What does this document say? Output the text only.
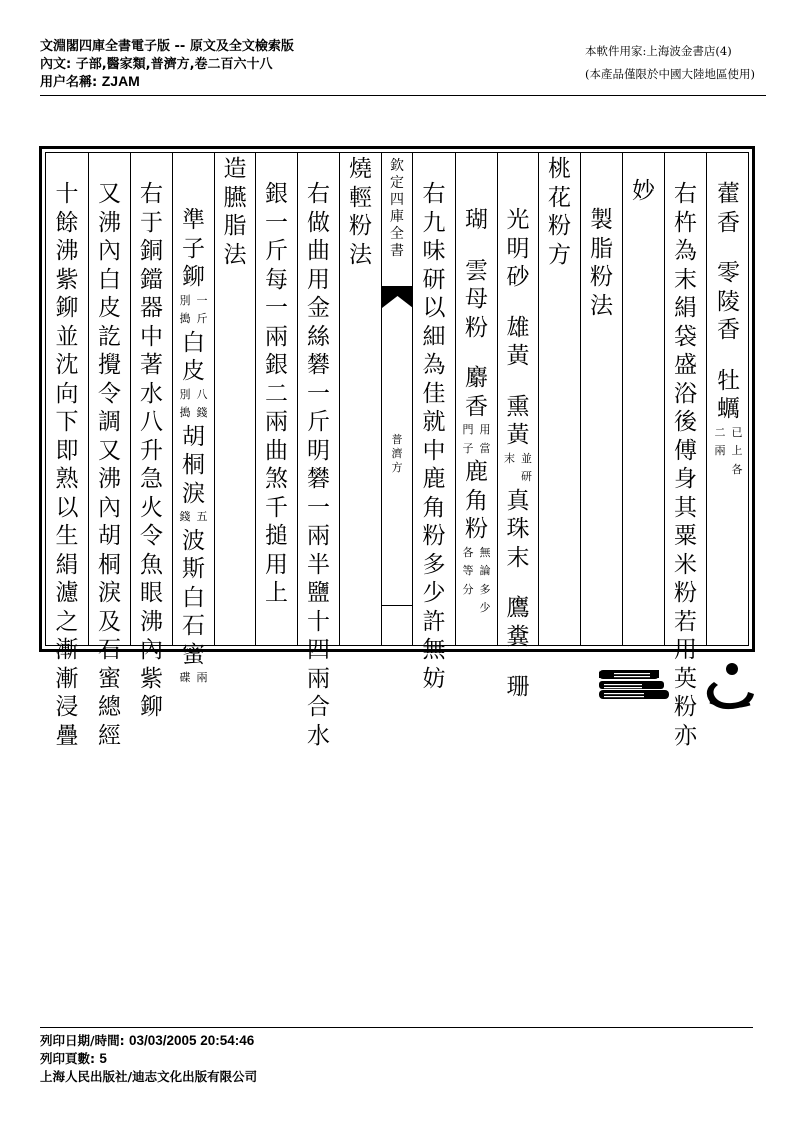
文淵閣四庫全書電子版 -- 原文及全文檢索版
內文: 子部,醫家類,普濟方,卷二百六十八
用户名稱: ZJAM
本軟件用家:上海波金書店(4)
(本產品僅限於中國大陸地區使用)
十
餘
沸
紫
鉚
並
沈
向
下
即
熟
以
生
絹
濾
之
漸
漸
浸
疊
又
沸
內
白
皮
訖
攪
令
調
又
沸
內
胡
桐
淚
及
石
蜜
總
經
右
于
銅
鐺
器
中
著
水
八
升
急
火
令
魚
眼
沸
內
紫
鉚
準
子
鉚
一
斤
別
搗
白
皮
八
錢
別
搗
胡
桐
淚
五
錢
波
斯
白
石
蜜
兩
碟
造
臙
脂
法
銀
一
斤
每
一
兩
銀
二
兩
曲
煞
千
搥
用
上
右
做
曲
用
金
絲
礬
一
斤
明
礬
一
兩
半
鹽
十
四
兩
合
水
燒
輕
粉
法
欽
定
四
庫
全
書
普
濟
方
右
九
味
研
以
細
為
佳
就
中
鹿
角
粉
多
少
許
無
妨
瑚
雲
母
粉
麝
香
用
當
門
子
鹿
角
粉
無
論
多
少
各
等
分
光
明
砂
雄
黃
熏
黃
並
研
末
真
珠
末
鷹
糞
珊
桃
花
粉
方
製
脂
粉
法
妙 右
杵
為
末
絹
袋
盛
浴
後
傅
身
其
粟
米
粉
若
用
英
粉
亦
藿
香
零
陵
香
牡
蠣
已
上
各
二
兩
列印日期/時間: 03/03/2005 20:54:46
列印頁數: 5
上海人民出版社/迪志文化出版有限公司
